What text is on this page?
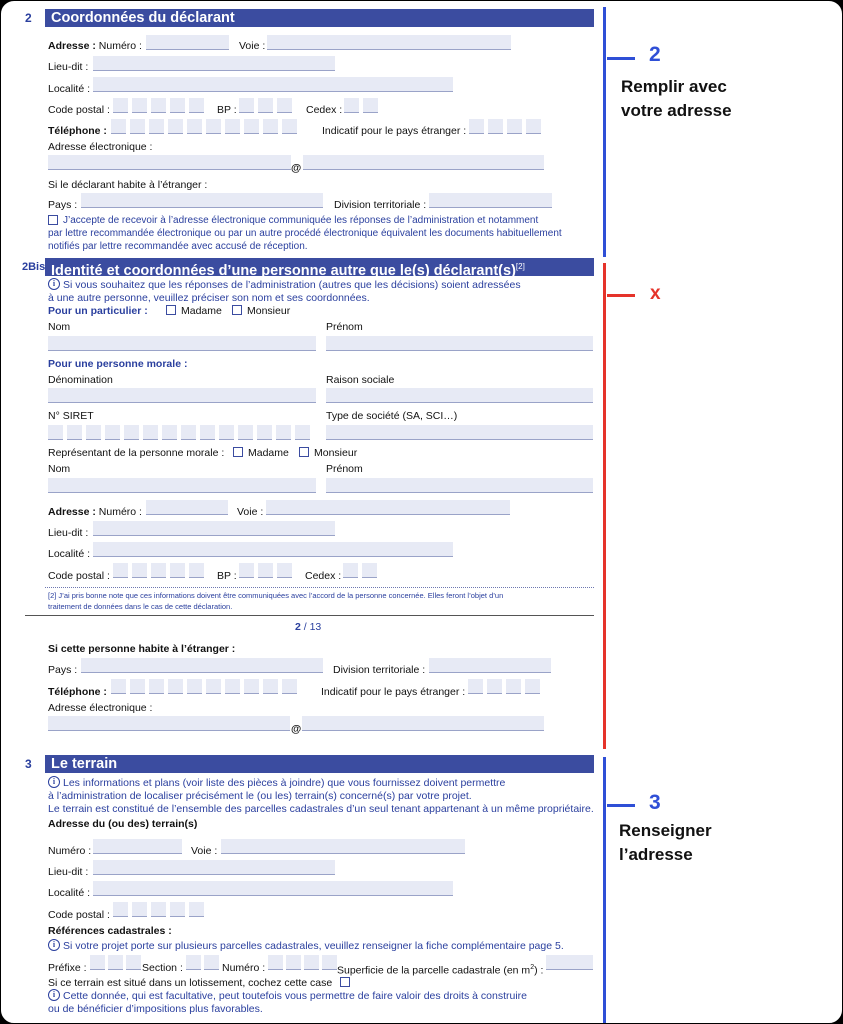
2	Coordonnées du déclarant
Adresse : Numéro :	Voie :
Lieu-dit :
Localité :
Code postal :	BP :	Cedex :
Téléphone :	Indicatif pour le pays étranger :
Adresse électronique :
@
Si le déclarant habite à l’étranger :
Pays :	Division territoriale :
J’accepte de recevoir à l’adresse électronique communiquée les réponses de l’administration et notamment
par lettre recommandée électronique ou par un autre procédé électronique équivalent les documents habituellement
notifiés par lettre recommandée avec accusé de réception.
2Bis Identité et coordonnées d’une personne autre que le(s) déclarant(s)[2]
i Si vous souhaitez que les réponses de l’administration (autres que les décisions) soient adressées
à une autre personne, veuillez préciser son nom et ses coordonnées.
Pour un particulier :	Madame Monsieur
Nom	Prénom
Pour une personne morale :
Dénomination	Raison sociale
N° SIRET	Type de société (SA, SCI…)
Représentant de la personne morale : Madame Monsieur
Nom	Prénom
Adresse : Numéro :	Voie :
Lieu-dit :
Localité :
Code postal :	BP :	Cedex :
[2] J’ai pris bonne note que ces informations doivent être communiquées avec l’accord de la personne concernée. Elles feront l’objet d’un
traitement de données dans le cas de cette déclaration.
2 / 13
Si cette personne habite à l’étranger :
Pays :	Division territoriale :
Téléphone :	Indicatif pour le pays étranger :
Adresse électronique :
@
3	Le terrain
i Les informations et plans (voir liste des pièces à joindre) que vous fournissez doivent permettre
à l’administration de localiser précisément le (ou les) terrain(s) concerné(s) par votre projet.
Le terrain est constitué de l’ensemble des parcelles cadastrales d’un seul tenant appartenant à un même propriétaire.
Adresse du (ou des) terrain(s)
Numéro :	Voie :
Lieu-dit :
Localité :
Code postal :
Références cadastrales :
i Si votre projet porte sur plusieurs parcelles cadastrales, veuillez renseigner la fiche complémentaire page 5.
Préfixe :	Section :	Numéro :	Superficie de la parcelle cadastrale (en $m^2$) :
Si ce terrain est situé dans un lotissement, cochez cette case
i Cette donnée, qui est facultative, peut toutefois vous permettre de faire valoir des droits à construire
ou de bénéficier d’impositions plus favorables.
2
Remplir avec
votre adresse
x
3
Renseigner
l’adresse
